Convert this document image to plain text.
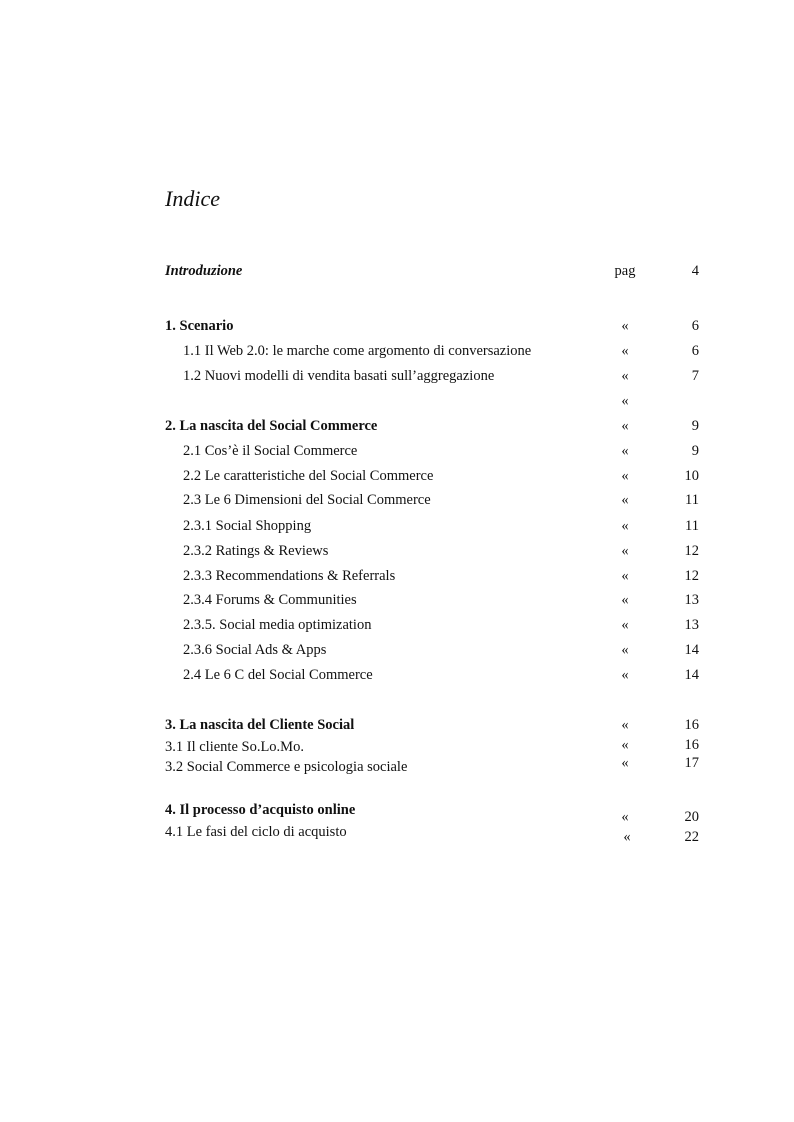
Indice
Introduzione	pag	4
1. Scenario	«	6
1.1 Il Web 2.0: le marche come argomento di conversazione	«	6
1.2 Nuovi modelli di vendita basati sull’aggregazione	«	7
«
2. La nascita del Social Commerce	«	9
2.1 Cos’è il Social Commerce	«	9
2.2 Le caratteristiche del Social Commerce	«	10
2.3 Le 6 Dimensioni del Social Commerce	«	11
2.3.1 Social Shopping	«	11
2.3.2 Ratings & Reviews	«	12
2.3.3 Recommendations & Referrals	«	12
2.3.4 Forums & Communities	«	13
2.3.5. Social media optimization	«	13
2.3.6 Social Ads & Apps	«	14
2.4 Le 6 C del Social Commerce	«	14
3. La nascita del Cliente Social	«	16
3.1 Il cliente So.Lo.Mo.	«	16
3.2 Social Commerce e psicologia sociale	«	17
4. Il processo d’acquisto online	«	20
4.1 Le fasi del ciclo di acquisto	«	22
